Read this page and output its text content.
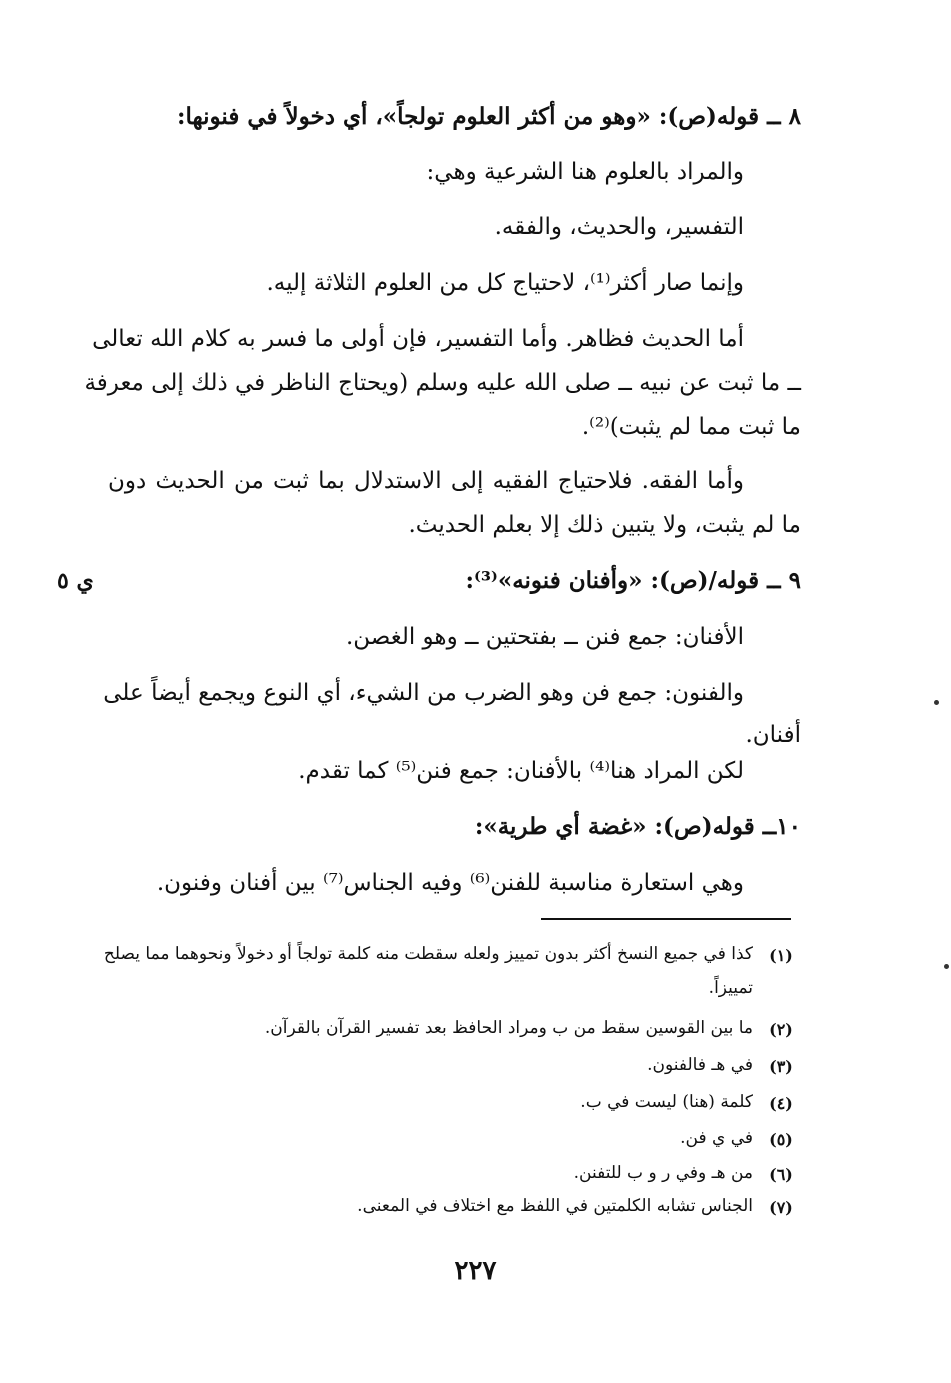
٨ ــ قوله(ص): «وهو من أكثر العلوم تولجاً»، أي دخولاً في فنونها:
والمراد بالعلوم هنا الشرعية وهي:
التفسير، والحديث، والفقه.
وإنما صار أكثر⁽¹⁾، لاحتياج كل من العلوم الثلاثة إليه.
أما الحديث فظاهر. وأما التفسير، فإن أولى ما فسر به كلام الله تعالى
ــ ما ثبت عن نبيه ــ صلى الله عليه وسلم (ويحتاج الناظر في ذلك إلى معرفة
ما ثبت مما لم يثبت)⁽²⁾.
وأما الفقه. فلاحتياج الفقيه إلى الاستدلال بما ثبت من الحديث دون
ما لم يثبت، ولا يتبين ذلك إلا بعلم الحديث.
٩ ــ قوله/(ص): «وأفنان فنونه»⁽³⁾:
ي ٥
الأفنان: جمع فنن ــ بفتحتين ــ وهو الغصن.
والفنون: جمع فن وهو الضرب من الشيء، أي النوع ويجمع أيضاً على
أفنان.
لكن المراد هنا⁽⁴⁾ بالأفنان: جمع فنن⁽⁵⁾ كما تقدم.
١٠ــ قوله(ص): «غضة أي طرية»:
وهي استعارة مناسبة للفنن⁽⁶⁾ وفيه الجناس⁽⁷⁾ بين أفنان وفنون.
(١)
كذا في جميع النسخ أكثر بدون تمييز ولعله سقطت منه كلمة تولجاً أو دخولاً ونحوهما مما يصلح
تمييزاً.
(٢)
ما بين القوسين سقط من ب ومراد الحافظ بعد تفسير القرآن بالقرآن.
(٣)
في هـ فالفنون.
(٤)
كلمة (هنا) ليست في ب.
(٥)
في ي فن.
(٦)
من هـ وفي ر و ب للتفنن.
(٧)
الجناس تشابه الكلمتين في اللفظ مع اختلاف في المعنى.
٢٢٧
